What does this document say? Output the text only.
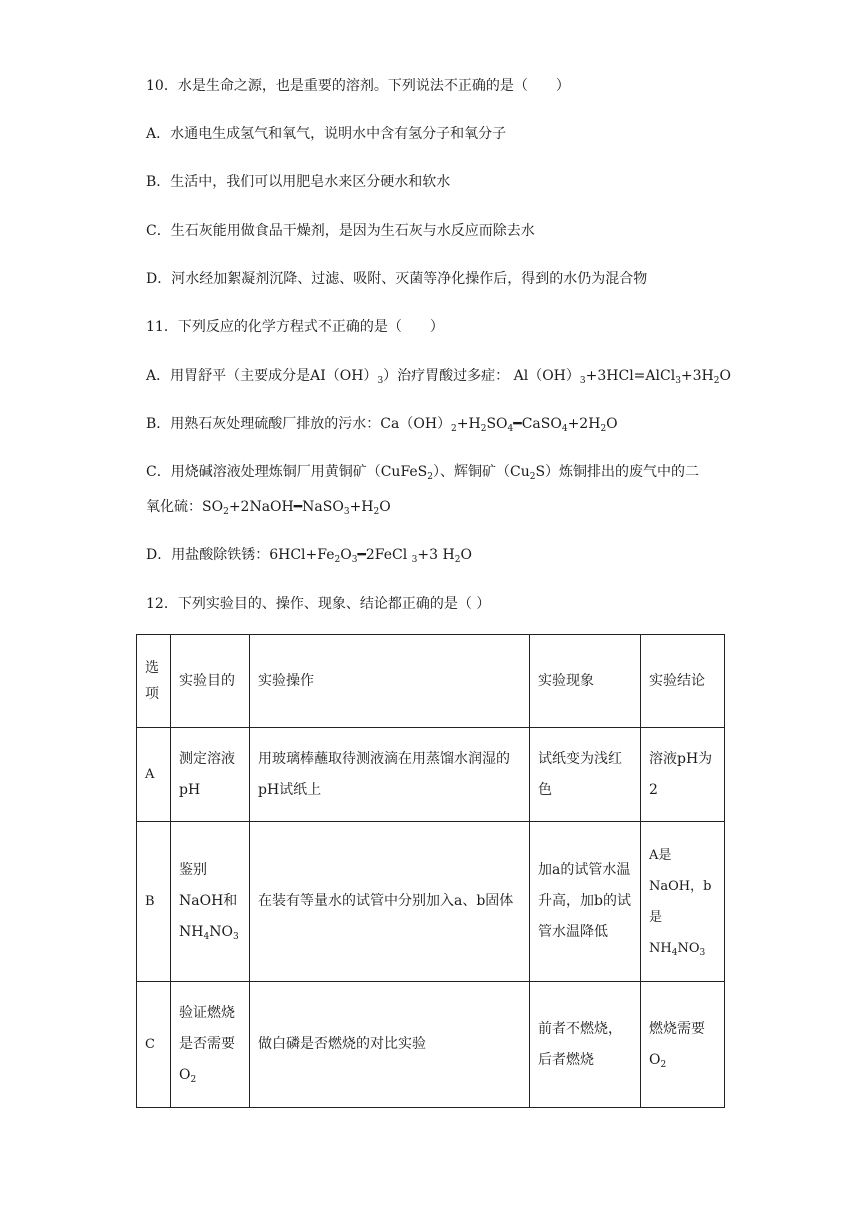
10．水是生命之源，也是重要的溶剂。下列说法不正确的是（　　）
A．水通电生成氢气和氧气，说明水中含有氢分子和氧分子
B．生活中，我们可以用肥皂水来区分硬水和软水
C．生石灰能用做食品干燥剂，是因为生石灰与水反应而除去水
D．河水经加絮凝剂沉降、过滤、吸附、灭菌等净化操作后，得到的水仍为混合物
11．下列反应的化学方程式不正确的是（　　）
A．用胃舒平（主要成分是$AI(OH)_3$）治疗胃酸过多症： $Al(OH)_3+3HCl=AlCl_3+3H_2O$
B．用熟石灰处理硫酸厂排放的污水：$Ca(OH)_2+H_2SO_4━CaSO_4+2H_2O$
C．用烧碱溶液处理炼铜厂用黄铜矿（CuFeS$_2$）、辉铜矿$(Cu_2S)$炼铜排出的废气中的二
氧化硫：$SO_2+2NaOH━NaSO_3+H_2O$
D．用盐酸除铁锈：$6HCl+Fe_2O_3━2FeCl$ $_3$+3 $H_2O$
12．下列实验目的、操作、现象、结论都正确的是（ ）
选项	实验目的	实验操作	实验现象	实验结论
A	测定溶液pH	用玻璃棒蘸取待测液滴在用蒸馏水润湿的pH试纸上	试纸变为浅红色	溶液pH为2
B	鉴别NaOH和$NH_4NO_3$	在装有等量水的试管中分别加入a、b固体	加a的试管水温升高，加b的试管水温降低	A是NaOH，b是$NH_4NO_3$
C	验证燃烧是否需要$O_2$	做白磷是否燃烧的对比实验	前者不燃烧，后者燃烧	燃烧需要$O_2$
